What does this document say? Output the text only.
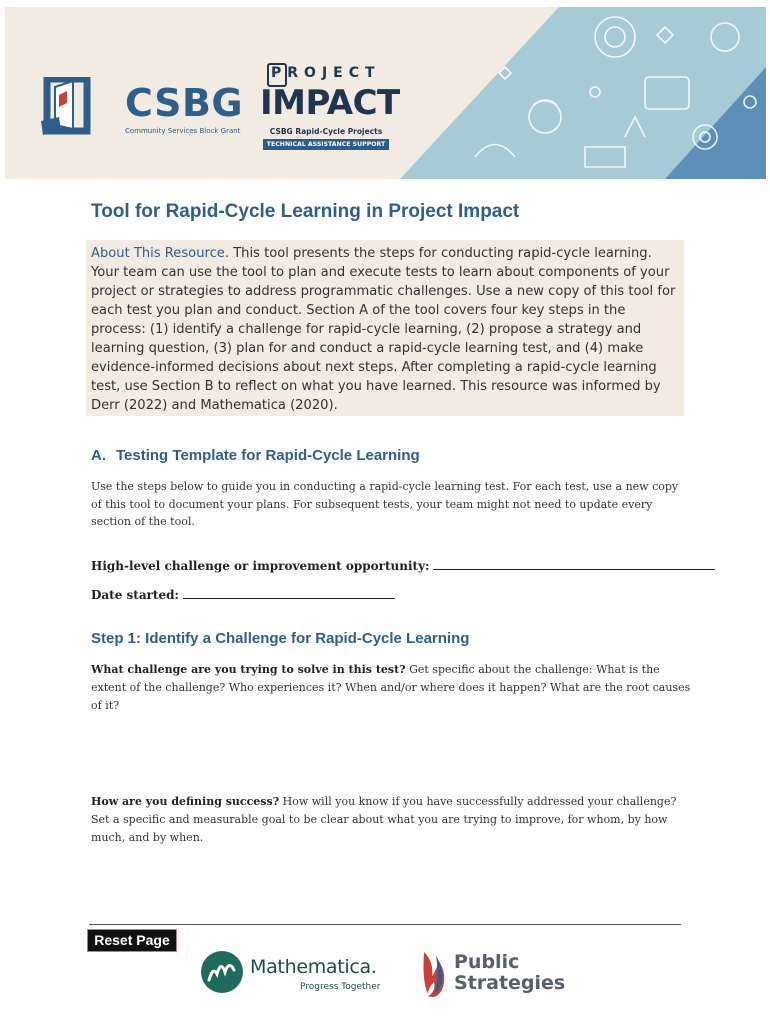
CSBG
Community Services Block Grant
PROJECT
IMPACT
CSBG Rapid-Cycle Projects
TECHNICAL ASSISTANCE SUPPORT
Tool for Rapid-Cycle Learning in Project Impact
About This Resource. This tool presents the steps for conducting rapid-cycle learning. Your team can use the tool to plan and execute tests to learn about components of your project or strategies to address programmatic challenges. Use a new copy of this tool for each test you plan and conduct. Section A of the tool covers four key steps in the process: (1) identify a challenge for rapid-cycle learning, (2) propose a strategy and learning question, (3) plan for and conduct a rapid-cycle learning test, and (4) make evidence-informed decisions about next steps. After completing a rapid-cycle learning test, use Section B to reflect on what you have learned. This resource was informed by Derr (2022) and Mathematica (2020).
A. Testing Template for Rapid-Cycle Learning
Use the steps below to guide you in conducting a rapid-cycle learning test. For each test, use a new copy of this tool to document your plans. For subsequent tests, your team might not need to update every section of the tool.
High-level challenge or improvement opportunity:
Date started:
Step 1: Identify a Challenge for Rapid-Cycle Learning
What challenge are you trying to solve in this test? Get specific about the challenge: What is the extent of the challenge? Who experiences it? When and/or where does it happen? What are the root causes of it?
How are you defining success? How will you know if you have successfully addressed your challenge? Set a specific and measurable goal to be clear about what you are trying to improve, for whom, by how much, and by when.
Reset Page
Mathematica.
Progress Together
Public
Strategies
